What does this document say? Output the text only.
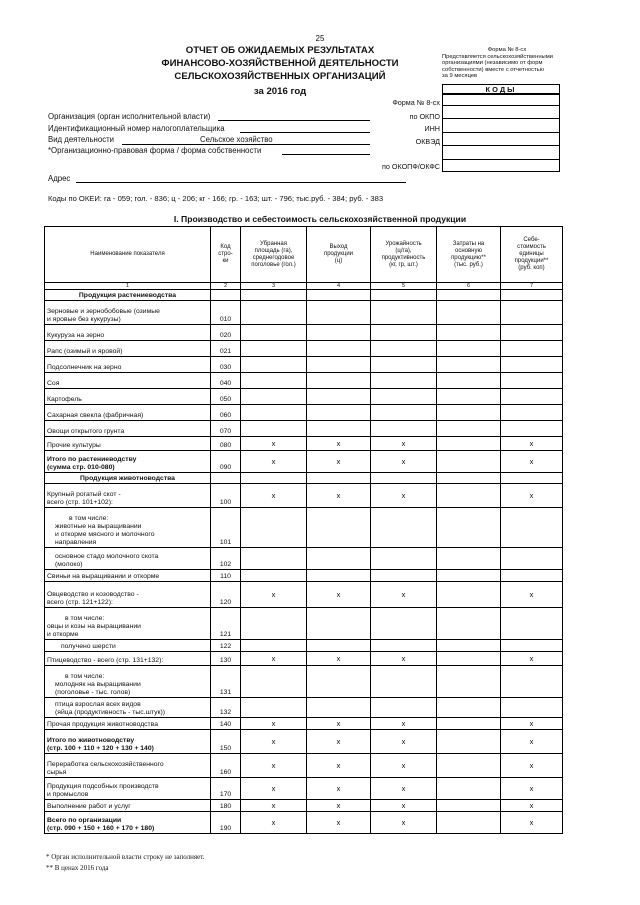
25
ОТЧЕТ ОБ ОЖИДАЕМЫХ РЕЗУЛЬТАТАХ
ФИНАНСОВО-ХОЗЯЙСТВЕННОЙ ДЕЯТЕЛЬНОСТИ
СЕЛЬСКОХОЗЯЙСТВЕННЫХ ОРГАНИЗАЦИЙ
за 2016 год
Форма № 8-сх
Представляется сельскохозяйственными
организациями (независимо от форм
собственности) вместе с отчетностью
за 9 месяцев
КОДЫ
Форма № 8-сх
по ОКПО
ИНН
ОКВЭД
по ОКОПФ/ОКФС
Организация (орган исполнительной власти)
Идентификационный номер налогоплательщика
Вид деятельности	Сельское хозяйство
*Организационно-правовая форма / форма собственности
Адрес
Коды по ОКЕИ: га - 059; гол. - 836; ц - 206; кг - 166; гр. - 163; шт. - 796; тыс.руб. - 384; руб. - 383
I. Производство и себестоимость сельскохозяйственной продукции
Наименование показателя	Код
стро-
ки	Убранная
площадь (га),
среднегодовое
поголовье (гол.)	Выход
продукции
(ц)	Урожайность
(ц/га),
продуктивность
(кг, гр, шт.)	Затраты на
основную
продукцию**
(тыс. руб.)	Себе-
стоимость
единицы
продукции**
(руб. коп)
1	2	3	4	5	6	7
Продукция растениеводства						

Зерновые и зернобобовые (озимые
и яровые без кукурузы)	010					

Кукуруза на зерно	020					

Рапс (озимый и яровой)	021					

Подсолнечник на зерно	030					

Соя	040					

Картофель	050					

Сахарная свекла (фабричная)	060					

Овощи открытого грунта	070					

Прочие культуры	080	x	x	x		x

Итого по растениеводству
(сумма стр. 010-080)	090	x	x	x		x
Продукция животноводства						

Крупный рогатый скот -
всего (стр. 101+102):	100	x	x	x		x

в том числе:
животные на выращивании
и откорме мясного и молочного
направления	101					

основное стадо молочного скота
(молоко)	102					

Свиньи на выращивании и откорме	110					

Овцеводство и козоводство -
всего (стр. 121+122):	120	x	x	x		x

в том числе:
овцы и козы на выращивании
и откорме	121					

получено шерсти	122					

Птицеводство - всего (стр. 131+132):	130	x	x	x		x

в том числе:
молодняк на выращивании
(поголовье - тыс. голов)	131					

птица взрослая всех видов
(яйца (продуктивность - тыс.штук))	132					

Прочая продукция животноводства	140	x	x	x		x

Итого по животноводству
(стр. 100 + 110 + 120 + 130 + 140)	150	x	x	x		x

Переработка сельскохозяйственного
сырья	160	x	x	x		x

Продукция подсобных производств
и промыслов	170	x	x	x		x

Выполнение работ и услуг	180	x	x	x		x

Всего по организации
(стр. 090 + 150 + 160 + 170 + 180)	190	x	x	x		x
* Орган исполнительной власти строку не заполняет.
** В ценах 2016 года
